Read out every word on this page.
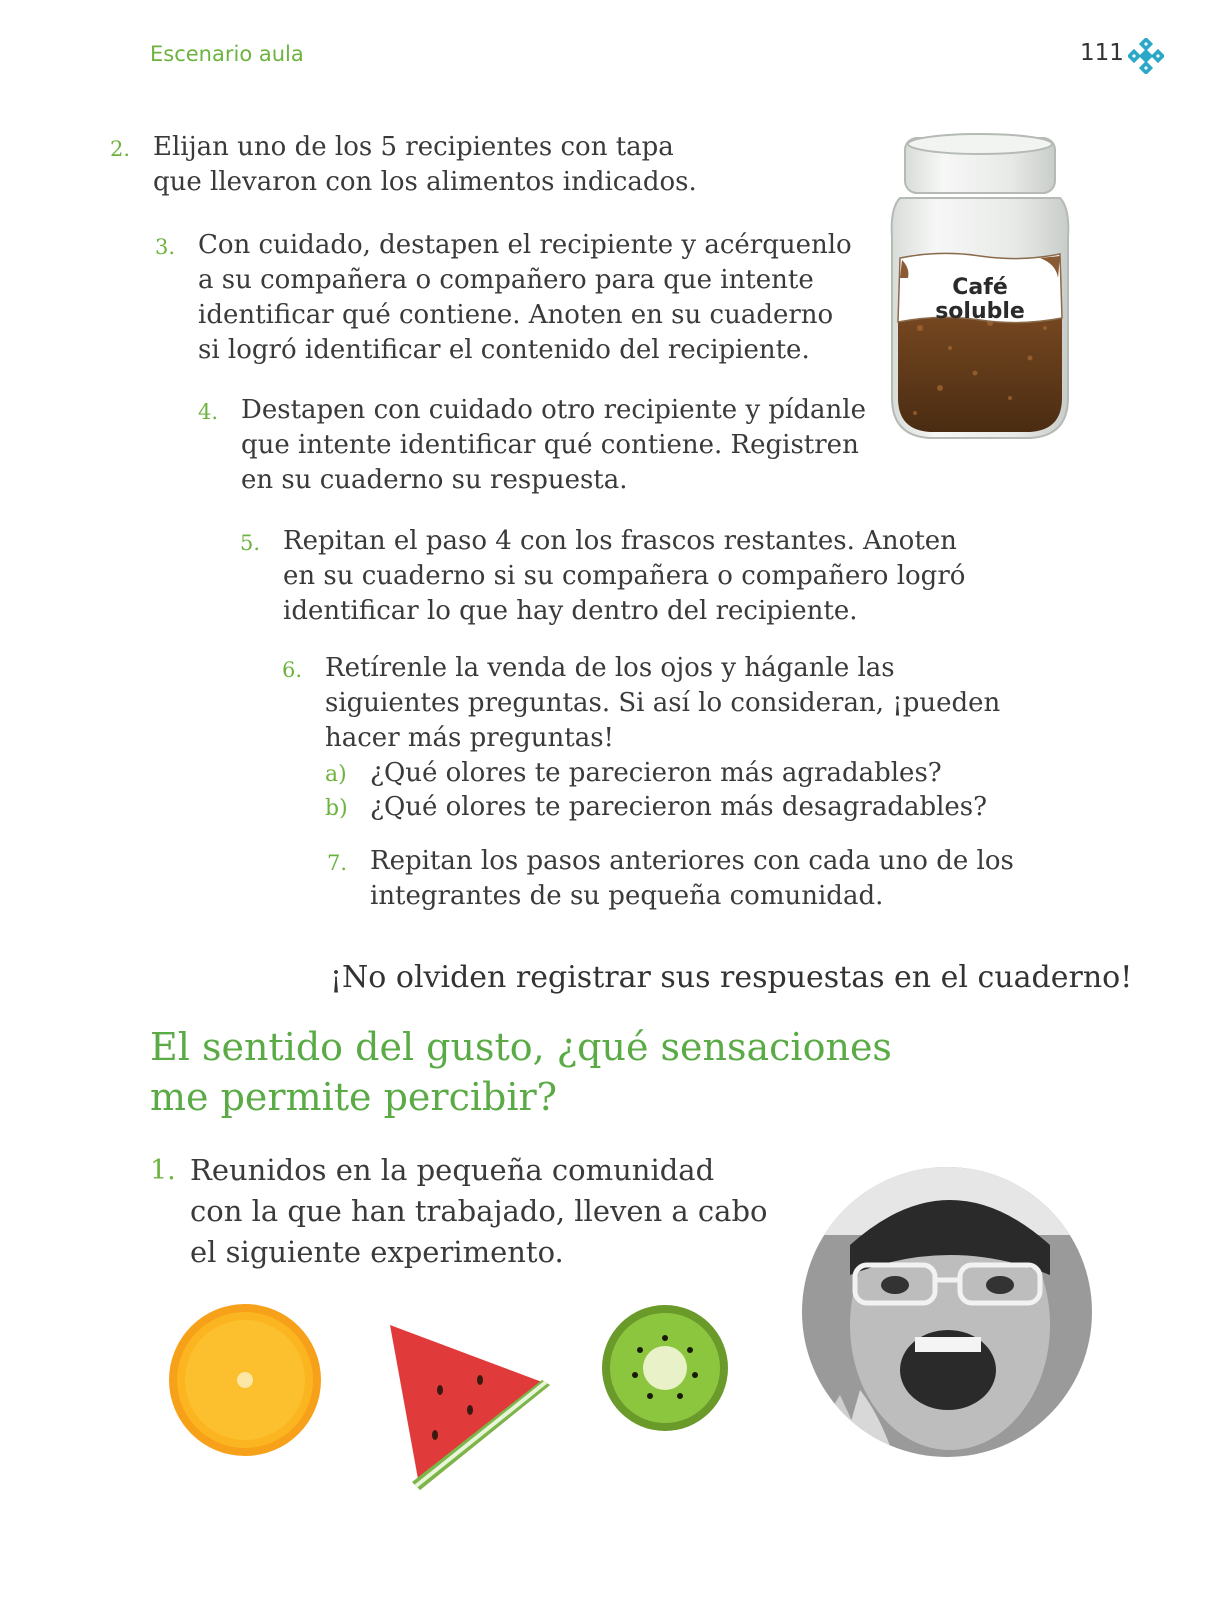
Escenario aula	111
2. Elijan uno de los 5 recipientes con tapa
que llevaron con los alimentos indicados.
3. Con cuidado, destapen el recipiente y acérquenlo
a su compañera o compañero para que intente
identificar qué contiene. Anoten en su cuaderno
si logró identificar el contenido del recipiente.
4. Destapen con cuidado otro recipiente y pídanle
que intente identificar qué contiene. Registren
en su cuaderno su respuesta.
5. Repitan el paso 4 con los frascos restantes. Anoten
en su cuaderno si su compañera o compañero logró
identificar lo que hay dentro del recipiente.
6. Retírenle la venda de los ojos y háganle las
siguientes preguntas. Si así lo consideran, ¡pueden
hacer más preguntas!
a) ¿Qué olores te parecieron más agradables?
b) ¿Qué olores te parecieron más desagradables?
7. Repitan los pasos anteriores con cada uno de los
integrantes de su pequeña comunidad.
¡No olviden registrar sus respuestas en el cuaderno!
El sentido del gusto, ¿qué sensaciones
me permite percibir?
1. Reunidos en la pequeña comunidad
con la que han trabajado, lleven a cabo
el siguiente experimento.
Café
soluble
